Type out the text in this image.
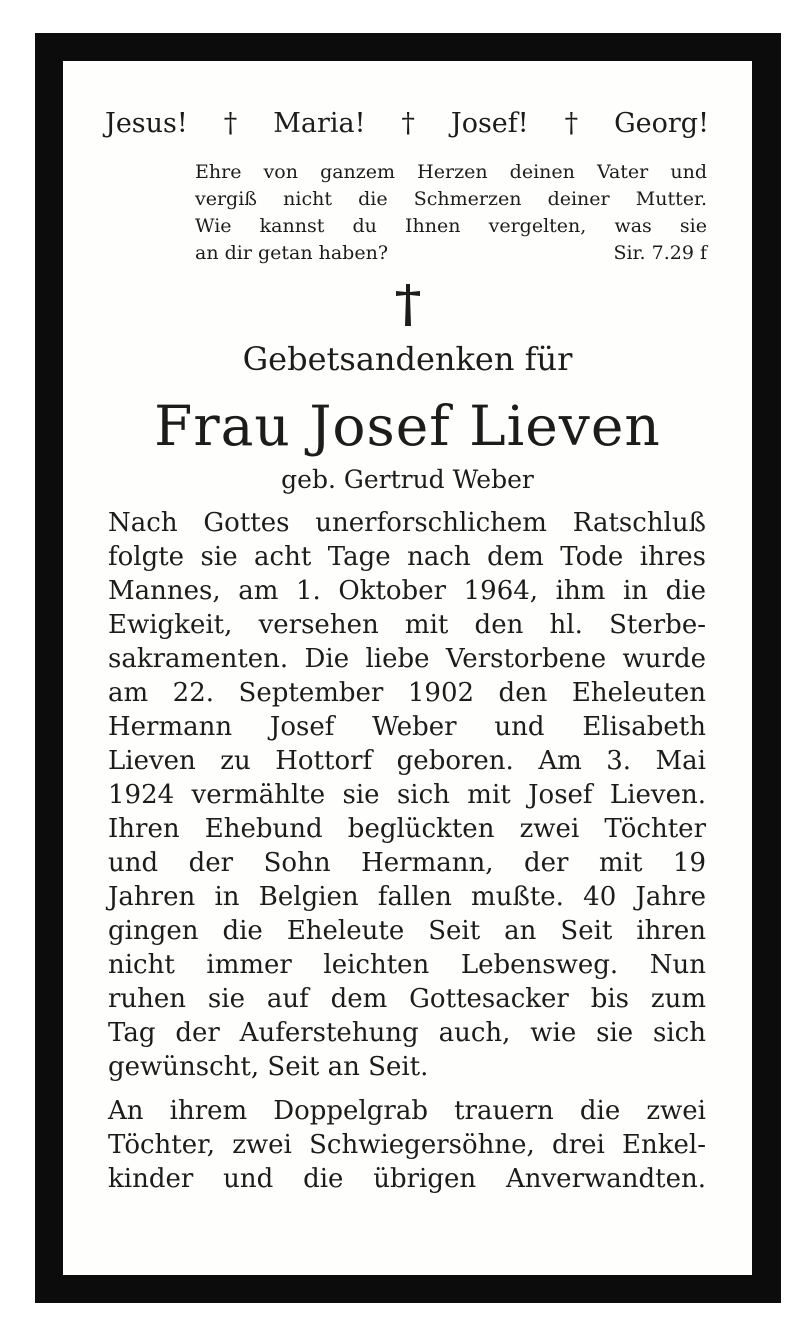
Jesus! † Maria! † Josef! † Georg!
Ehre von ganzem Herzen deinen Vater und
vergiß nicht die Schmerzen deiner Mutter.
Wie kannst du Ihnen vergelten, was sie
an dir getan haben?	Sir. 7.29 f
Gebetsandenken für
Frau Josef Lieven
geb. Gertrud Weber
Nach Gottes unerforschlichem Ratschluß
folgte sie acht Tage nach dem Tode ihres
Mannes, am 1. Oktober 1964, ihm in die
Ewigkeit, versehen mit den hl. Sterbe-
sakramenten. Die liebe Verstorbene wurde
am 22. September 1902 den Eheleuten
Hermann Josef Weber und Elisabeth
Lieven zu Hottorf geboren. Am 3. Mai
1924 vermählte sie sich mit Josef Lieven.
Ihren Ehebund beglückten zwei Töchter
und der Sohn Hermann, der mit 19
Jahren in Belgien fallen mußte. 40 Jahre
gingen die Eheleute Seit an Seit ihren
nicht immer leichten Lebensweg. Nun
ruhen sie auf dem Gottesacker bis zum
Tag der Auferstehung auch, wie sie sich
gewünscht, Seit an Seit.
An ihrem Doppelgrab trauern die zwei
Töchter, zwei Schwiegersöhne, drei Enkel-
kinder und die übrigen Anverwandten.
